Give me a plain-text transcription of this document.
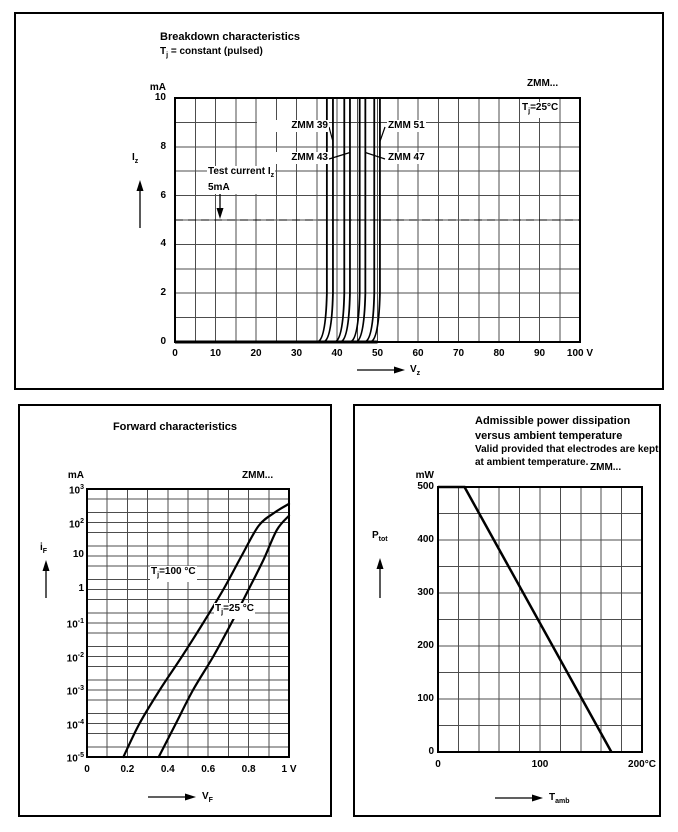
Breakdown characteristics
$T_j$ = constant (pulsed)
mA	ZMM...
$T_j=25^\circ C$
$I_z$
ZMM 39	ZMM 51
ZMM 43	ZMM 47
Test current $I_z$
5mA
$V_z$
0	10	20	30	40	50	60	70	80	90	100 V
10
8
6
4
2
0
Forward characteristics
mA	ZMM...
$i_F$
$T_j=100$ °C
$T_j=25$ °C
$V_F$
0	0.2	0.4	0.6	0.8	1 V
$10^3$
$10^2$
10
1
$10^{-1}$
$10^{-2}$
$10^{-3}$
$10^{-4}$
$10^{-5}$
Admissible power dissipation
versus ambient temperature
Valid provided that electrodes are kept
at ambient temperature.
mW
ZMM...
$P_{tot}$
$T_{amb}$
0	100	200°C
500
400
300
200
100
0
